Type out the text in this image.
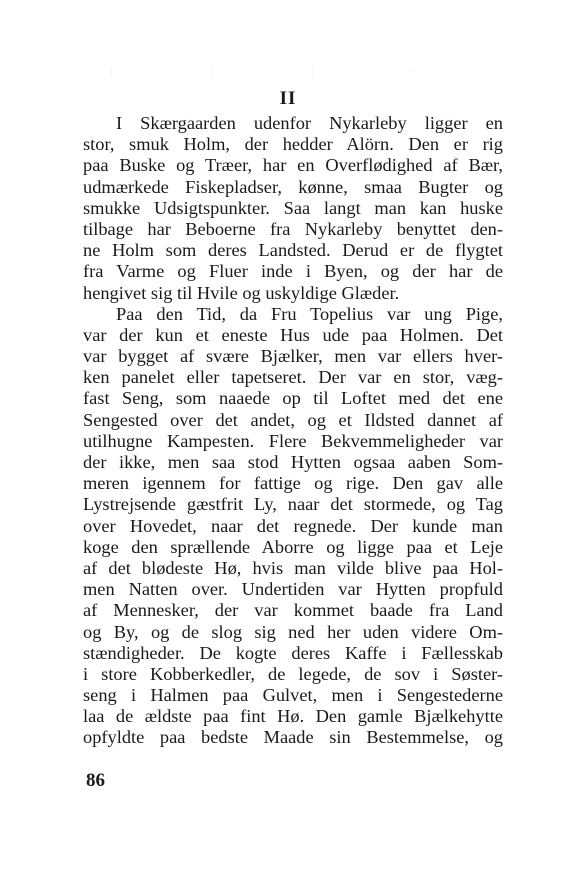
· · · · · · ·
II
I Skærgaarden udenfor Nykarleby ligger en
stor, smuk Holm, der hedder Alörn. Den er rig
paa Buske og Træer, har en Overflødighed af Bær,
udmærkede Fiskepladser, kønne, smaa Bugter og
smukke Udsigtspunkter. Saa langt man kan huske
tilbage har Beboerne fra Nykarleby benyttet den-
ne Holm som deres Landsted. Derud er de flygtet
fra Varme og Fluer inde i Byen, og der har de
hengivet sig til Hvile og uskyldige Glæder.
Paa den Tid, da Fru Topelius var ung Pige,
var der kun et eneste Hus ude paa Holmen. Det
var bygget af svære Bjælker, men var ellers hver-
ken panelet eller tapetseret. Der var en stor, væg-
fast Seng, som naaede op til Loftet med det ene
Sengested over det andet, og et Ildsted dannet af
utilhugne Kampesten. Flere Bekvemmeligheder var
der ikke, men saa stod Hytten ogsaa aaben Som-
meren igennem for fattige og rige. Den gav alle
Lystrejsende gæstfrit Ly, naar det stormede, og Tag
over Hovedet, naar det regnede. Der kunde man
koge den sprællende Aborre og ligge paa et Leje
af det blødeste Hø, hvis man vilde blive paa Hol-
men Natten over. Undertiden var Hytten propfuld
af Mennesker, der var kommet baade fra Land
og By, og de slog sig ned her uden videre Om-
stændigheder. De kogte deres Kaffe i Fællesskab
i store Kobberkedler, de legede, de sov i Søster-
seng i Halmen paa Gulvet, men i Sengestederne
laa de ældste paa fint Hø. Den gamle Bjælkehytte
opfyldte paa bedste Maade sin Bestemmelse, og
86
